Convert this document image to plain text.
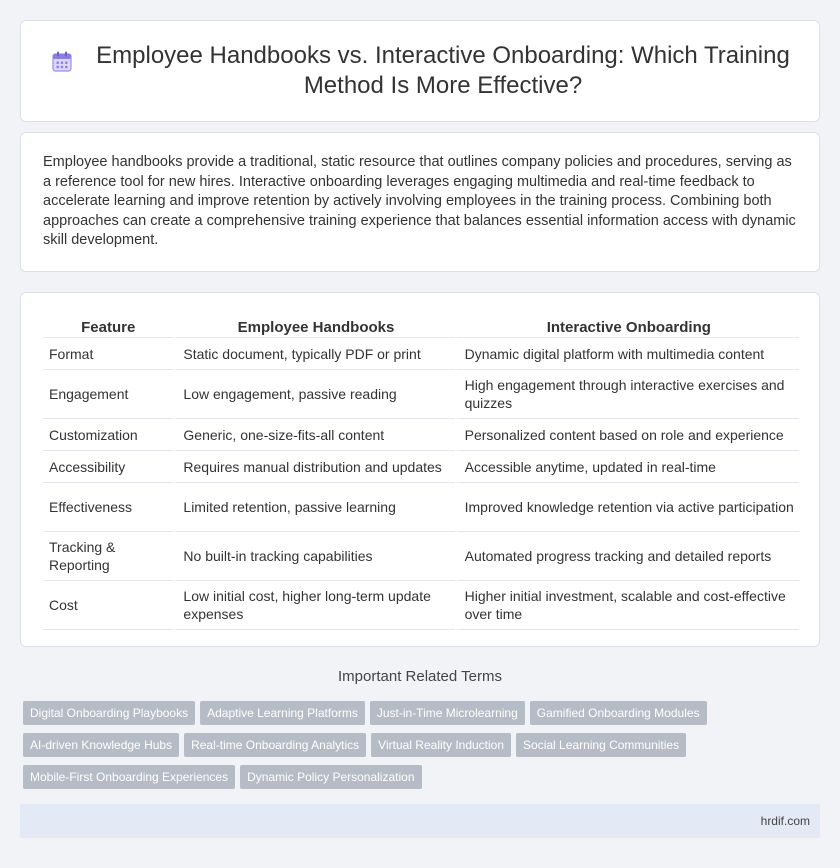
Employee Handbooks vs. Interactive Onboarding: Which Training Method Is More Effective?

Employee handbooks provide a traditional, static resource that outlines company policies and procedures, serving as a reference tool for new hires. Interactive onboarding leverages engaging multimedia and real-time feedback to accelerate learning and improve retention by actively involving employees in the training process. Combining both approaches can create a comprehensive training experience that balances essential information access with dynamic skill development.

Feature	Employee Handbooks	Interactive Onboarding
Format	Static document, typically PDF or print	Dynamic digital platform with multimedia content
Engagement	Low engagement, passive reading	High engagement through interactive exercises and quizzes
Customization	Generic, one-size-fits-all content	Personalized content based on role and experience
Accessibility	Requires manual distribution and updates	Accessible anytime, updated in real-time
Effectiveness	Limited retention, passive learning	Improved knowledge retention via active participation
Tracking & Reporting	No built-in tracking capabilities	Automated progress tracking and detailed reports
Cost	Low initial cost, higher long-term update expenses	Higher initial investment, scalable and cost-effective over time
Important Related Terms
Digital Onboarding Playbooks Adaptive Learning Platforms Just-in-Time Microlearning Gamified Onboarding Modules
AI-driven Knowledge Hubs Real-time Onboarding Analytics Virtual Reality Induction Social Learning Communities
Mobile-First Onboarding Experiences Dynamic Policy Personalization
hrdif.com
